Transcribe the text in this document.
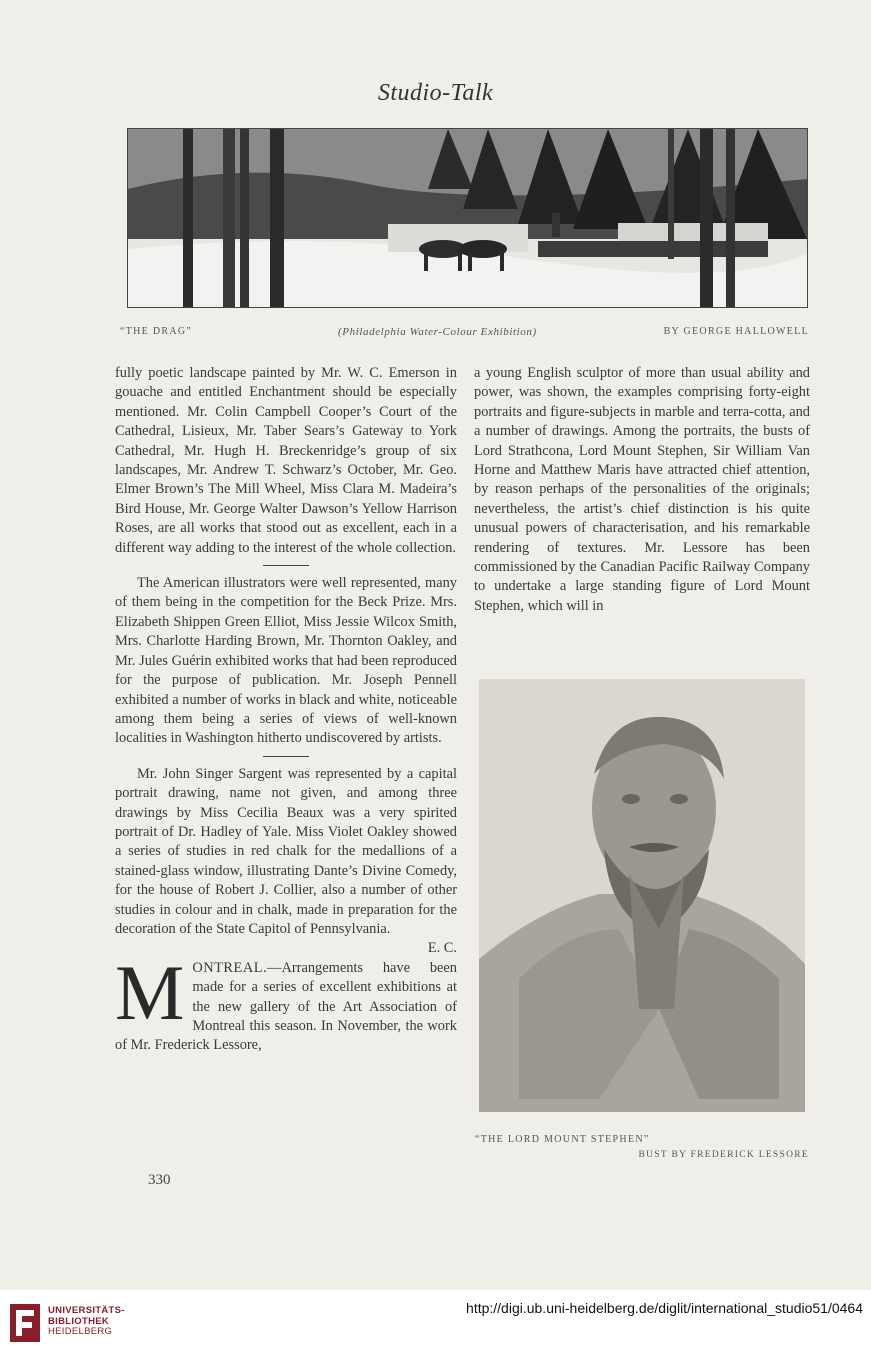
Studio-Talk
“THE DRAG”	(Philadelphia Water-Colour Exhibition)	BY GEORGE HALLOWELL

fully poetic landscape painted by Mr. W. C. Emerson in gouache and entitled Enchantment should be especially mentioned. Mr. Colin Campbell Cooper’s Court of the Cathedral, Lisieux, Mr. Taber Sears’s Gateway to York Cathedral, Mr. Hugh H. Breckenridge’s group of six landscapes, Mr. Andrew T. Schwarz’s October, Mr. Geo. Elmer Brown’s The Mill Wheel, Miss Clara M. Madeira’s Bird House, Mr. George Walter Dawson’s Yellow Harrison Roses, are all works that stood out as excellent, each in a different way adding to the interest of the whole collection.

The American illustrators were well represented, many of them being in the competition for the Beck Prize. Mrs. Elizabeth Shippen Green Elliot, Miss Jessie Wilcox Smith, Mrs. Charlotte Harding Brown, Mr. Thornton Oakley, and Mr. Jules Guérin exhibited works that had been reproduced for the purpose of publication. Mr. Joseph Pennell exhibited a number of works in black and white, noticeable among them being a series of views of well-known localities in Washington hitherto undiscovered by artists.

Mr. John Singer Sargent was represented by a capital portrait drawing, name not given, and among three drawings by Miss Cecilia Beaux was a very spirited portrait of Dr. Hadley of Yale. Miss Violet Oakley showed a series of studies in red chalk for the medallions of a stained-glass window, illustrating Dante’s Divine Comedy, for the house of Robert J. Collier, also a number of other studies in colour and in chalk, made in preparation for the decoration of the State Capitol of Pennsylvania.

E. C.

MONTREAL.—Arrangements have been made for a series of excellent exhibitions at the new gallery of the Art Association of Montreal this season. In November, the work of Mr. Frederick Lessore,

a young English sculptor of more than usual ability and power, was shown, the examples comprising forty-eight portraits and figure-subjects in marble and terra-cotta, and a number of drawings. Among the portraits, the busts of Lord Strathcona, Lord Mount Stephen, Sir William Van Horne and Matthew Maris have attracted chief attention, by reason perhaps of the personalities of the originals; nevertheless, the artist’s chief distinction is his quite unusual powers of characterisation, and his remarkable rendering of textures. Mr. Lessore has been commissioned by the Canadian Pacific Railway Company to undertake a large standing figure of Lord Mount Stephen, which will in

“THE LORD MOUNT STEPHEN”
BUST BY FREDERICK LESSORE
330
UNIVERSITÄTS-
BIBLIOTHEK
HEIDELBERG
http://digi.ub.uni-heidelberg.de/diglit/international_studio51/0464
